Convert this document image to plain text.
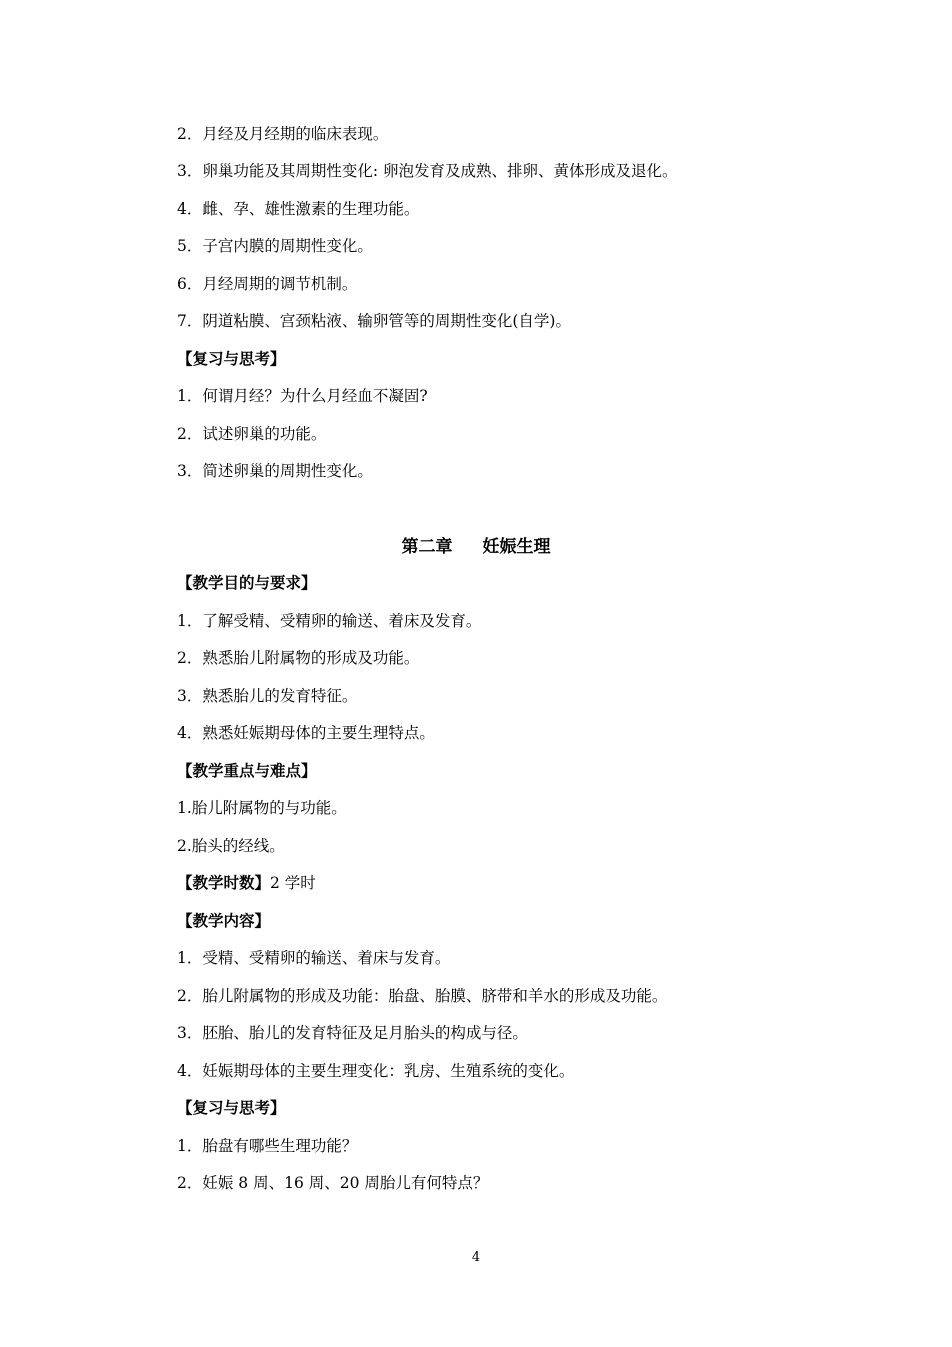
2．月经及月经期的临床表现。
3．卵巢功能及其周期性变化: 卵泡发育及成熟、排卵、黄体形成及退化。
4．雌、孕、雄性激素的生理功能。
5．子宫内膜的周期性变化。
6．月经周期的调节机制。
7．阴道粘膜、宫颈粘液、输卵管等的周期性变化(自学)。
【复习与思考】
1．何谓月经？为什么月经血不凝固?
2．试述卵巢的功能。
3．简述卵巢的周期性变化。
第二章 妊娠生理
【教学目的与要求】
1．了解受精、受精卵的输送、着床及发育。
2．熟悉胎儿附属物的形成及功能。
3．熟悉胎儿的发育特征。
4．熟悉妊娠期母体的主要生理特点。
【教学重点与难点】
1.胎儿附属物的与功能。
2.胎头的经线。
【教学时数】2 学时
【教学内容】
1．受精、受精卵的输送、着床与发育。
2．胎儿附属物的形成及功能：胎盘、胎膜、脐带和羊水的形成及功能。
3．胚胎、胎儿的发育特征及足月胎头的构成与径。
4．妊娠期母体的主要生理变化：乳房、生殖系统的变化。
【复习与思考】
1．胎盘有哪些生理功能？
2．妊娠 8 周、16 周、20 周胎儿有何特点？
4
